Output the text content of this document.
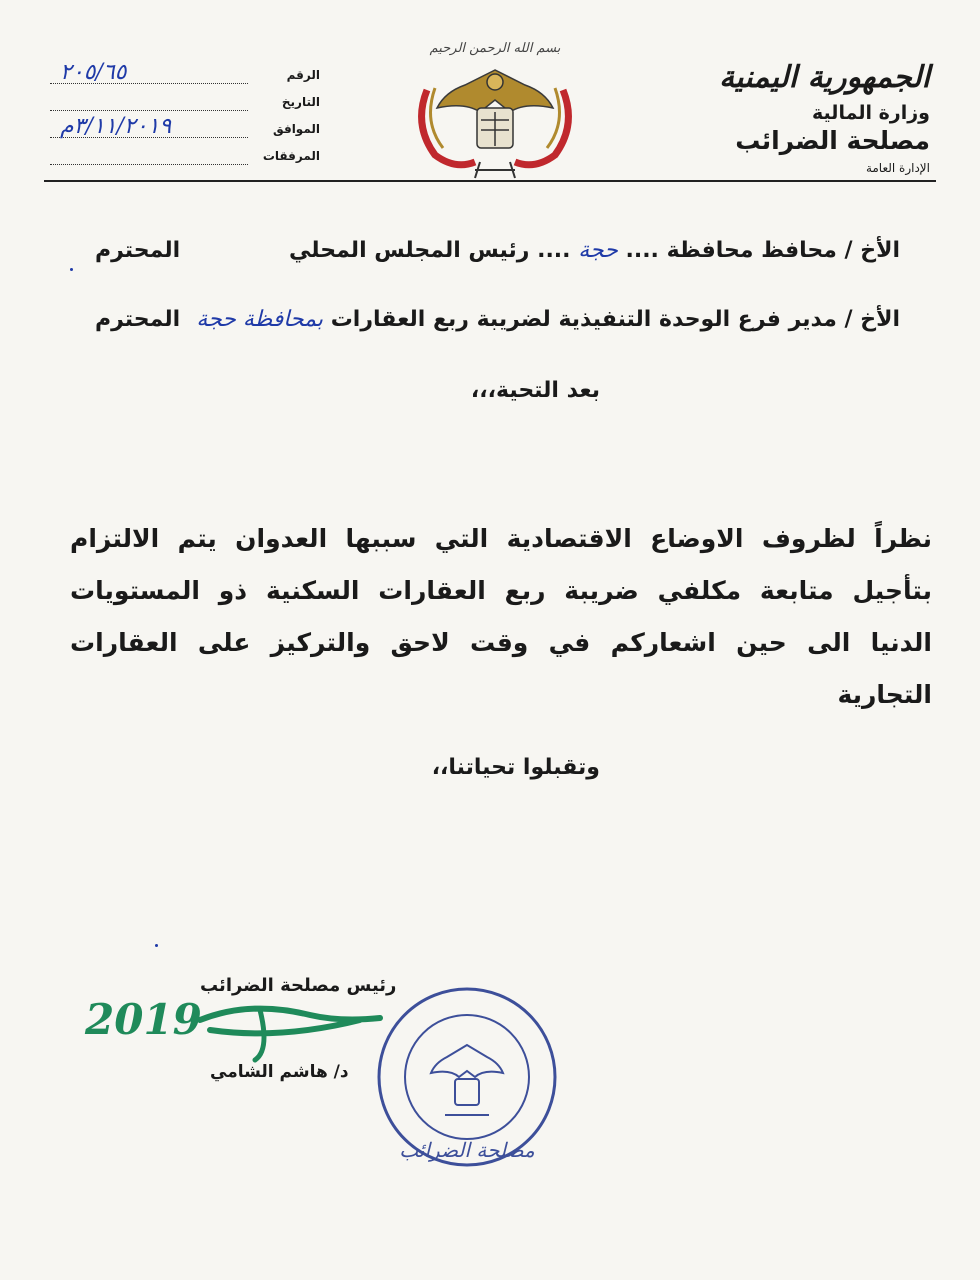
الجمهورية اليمنية
وزارة المالية
مصلحة الضرائب
الإدارة العامة
بسم الله الرحمن الرحيم
الرقم
٢٠٥/٦٥
التاريخ
الموافق
٣/١١/٢٠١٩م
المرفقات
الأخ / محافظ محافظة .... حجة .... رئيس المجلس المحلي
المحترم
الأخ / مدير فرع الوحدة التنفيذية لضريبة ربع العقارات بمحافظة حجة
المحترم
بعد التحية،،،
نظراً لظروف الاوضاع الاقتصادية التي سببها العدوان يتم الالتزام بتأجيل متابعة مكلفي ضريبة ربع العقارات السكنية ذو المستويات الدنيا الى حين اشعاركم في وقت لاحق والتركيز على العقارات التجارية
وتقبلوا تحياتنا،،
رئيس مصلحة الضرائب
2019
د/ هاشم الشامي
مصلحة الضرائب
